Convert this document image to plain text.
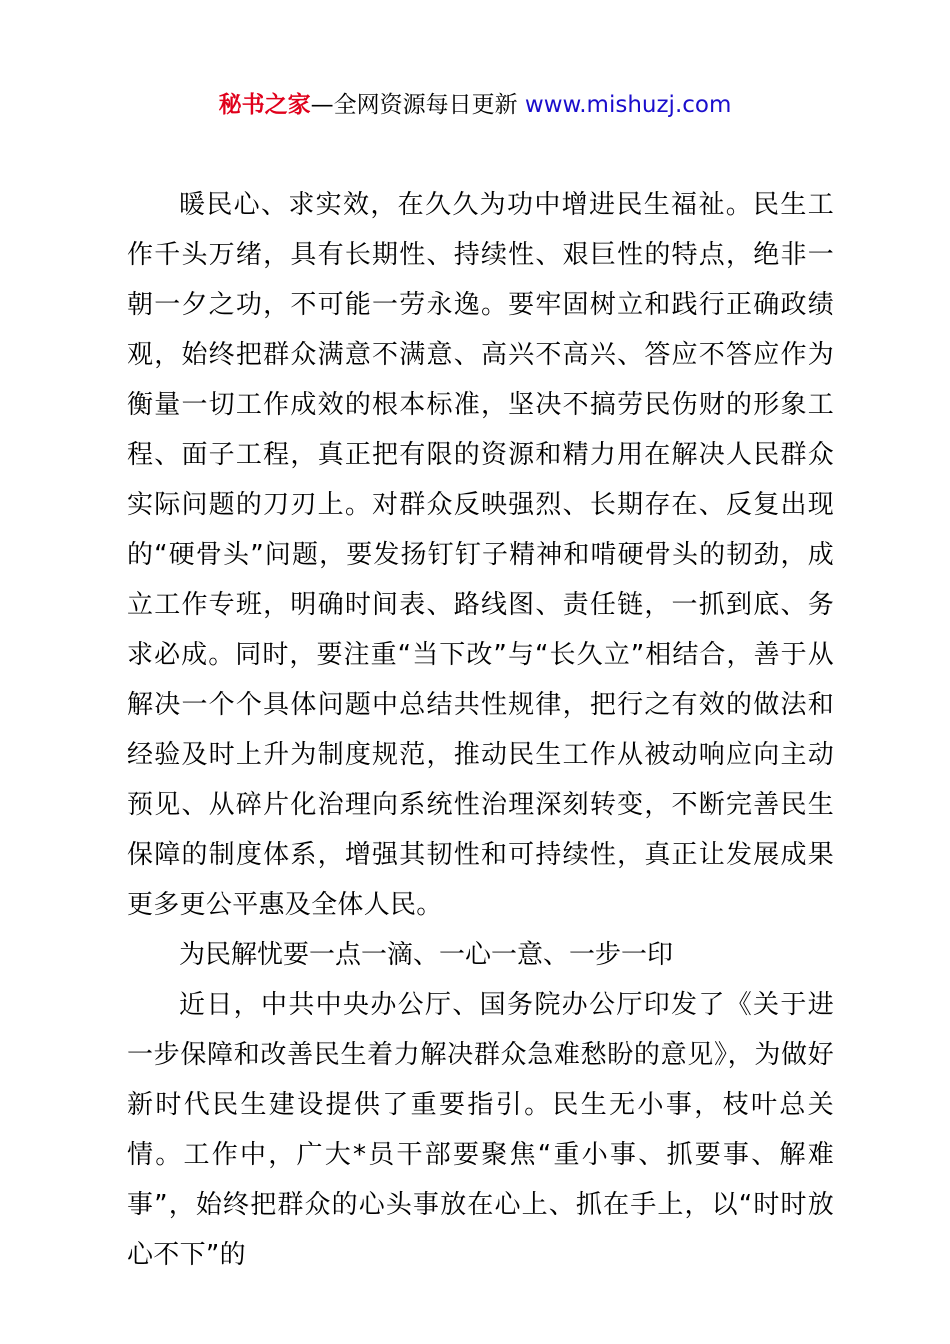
秘书之家—全网资源每日更新 www.mishuzj.com

暖民心、求实效，在久久为功中增进民生福祉。民生工作千头万绪，具有长期性、持续性、艰巨性的特点，绝非一朝一夕之功，不可能一劳永逸。要牢固树立和践行正确政绩观，始终把群众满意不满意、高兴不高兴、答应不答应作为衡量一切工作成效的根本标准，坚决不搞劳民伤财的形象工程、面子工程，真正把有限的资源和精力用在解决人民群众实际问题的刀刃上。对群众反映强烈、长期存在、反复出现的“硬骨头”问题，要发扬钉钉子精神和啃硬骨头的韧劲，成立工作专班，明确时间表、路线图、责任链，一抓到底、务求必成。同时，要注重“当下改”与“长久立”相结合，善于从解决一个个具体问题中总结共性规律，把行之有效的做法和经验及时上升为制度规范，推动民生工作从被动响应向主动预见、从碎片化治理向系统性治理深刻转变，不断完善民生保障的制度体系，增强其韧性和可持续性，真正让发展成果更多更公平惠及全体人民。

为民解忧要一点一滴、一心一意、一步一印

近日，中共中央办公厅、国务院办公厅印发了《关于进一步保障和改善民生着力解决群众急难愁盼的意见》，为做好新时代民生建设提供了重要指引。民生无小事，枝叶总关情。工作中，广大*员干部要聚焦“重小事、抓要事、解难事”，始终把群众的心头事放在心上、抓在手上，以“时时放心不下”的
